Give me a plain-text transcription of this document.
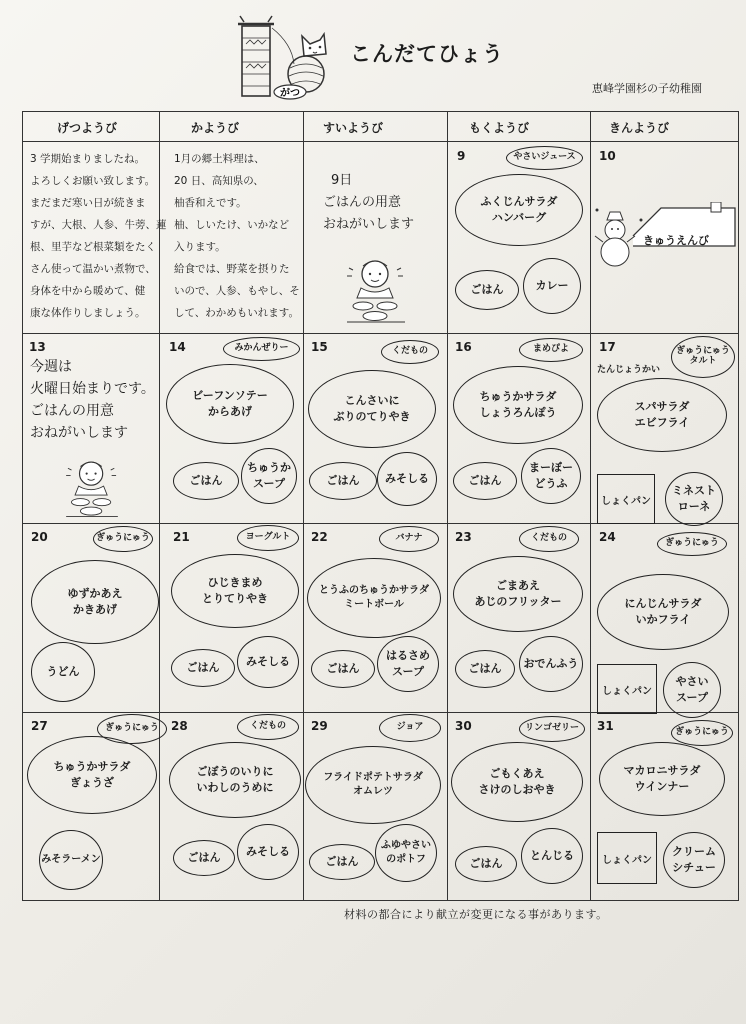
がつ
こんだてひょう
恵峰学園杉の子幼稚園
げつようび	かようび	すいようび	もくようび	きんようび
3 学期始まりましたね。
よろしくお願い致します。
まだまだ寒い日が続きま
すが、大根、人参、牛蒡、蓮
根、里芋など根菜類をたく
さん使って温かい煮物で、
身体を中から暖めて、健
康な体作りしましょう。
1月の郷土料理は、
20 日、高知県の、
柚香和えです。
柚、しいたけ、いかなど
入ります。
給食では、野菜を摂りた
いので、人参、もやし、そ
して、わかめもいれます。
9日
ごはんの用意
おねがいします
9	やさいジュース
ふくじんサラダ
ハンバーグ
ごはん	カレー
10
きゅうえんび
13
今週は
火曜日始まりです。
ごはんの用意
おねがいします
14	みかんぜりー
ビーフンソテー
からあげ
ごはん
ちゅうか
スープ
15	くだもの
こんさいに
ぶりのてりやき
ごはん	みそしる
16	まめぴよ
ちゅうかサラダ
しょうろんぽう
ごはん
まーぼー
どうふ
17
たんじょうかい
ぎゅうにゅう
タルト
スパサラダ
エビフライ
しょくパン
ミネスト
ローネ
20	ぎゅうにゅう
ゆずかあえ
かきあげ
うどん
21	ヨーグルト
ひじきまめ
とりてりやき
ごはん	みそしる
22	バナナ
とうふのちゅうかサラダ
ミートボール
ごはん
はるさめ
スープ
23	くだもの
ごまあえ
あじのフリッター
ごはん	おでんふう
24	ぎゅうにゅう
にんじんサラダ
いかフライ
しょくパン
やさい
スープ
27	ぎゅうにゅう
ちゅうかサラダ
ぎょうざ
みそラーメン
28	くだもの
ごぼうのいりに
いわしのうめに
ごはん	みそしる
29	ジョア
フライドポテトサラダ
オムレツ
ごはん
ふゆやさい
のポトフ
30	リンゴゼリー
ごもくあえ
さけのしおやき
ごはん
とんじる
31	ぎゅうにゅう
マカロニサラダ
ウインナー
しょくパン
クリーム
シチュー
材料の都合により献立が変更になる事があります。
